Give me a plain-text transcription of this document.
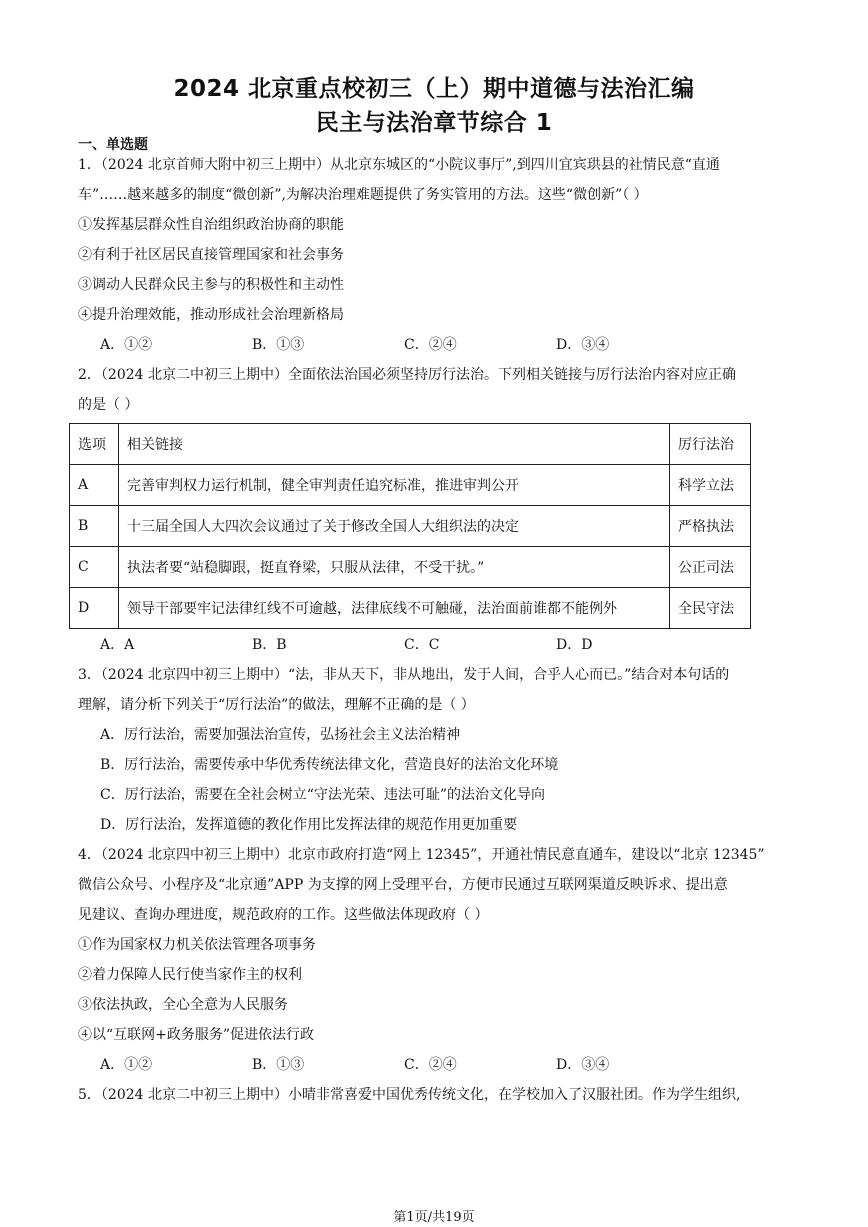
2024 北京重点校初三（上）期中道德与法治汇编
民主与法治章节综合 1
一、单选题
1．（2024 北京首师大附中初三上期中）从北京东城区的“小院议事厅”,到四川宜宾珙县的社情民意“直通
车”……越来越多的制度“微创新”,为解决治理难题提供了务实管用的方法。这些“微创新”（ ）
①发挥基层群众性自治组织政治协商的职能
②有利于社区居民直接管理国家和社会事务
③调动人民群众民主参与的积极性和主动性
④提升治理效能，推动形成社会治理新格局
A．①②	B．①③	C．②④	D．③④
2．（2024 北京二中初三上期中）全面依法治国必须坚持厉行法治。下列相关链接与厉行法治内容对应正确
的是（ ）
选项	相关链接	厉行法治
A	完善审判权力运行机制，健全审判责任追究标准，推进审判公开	科学立法
B	十三届全国人大四次会议通过了关于修改全国人大组织法的决定	严格执法
C	执法者要“站稳脚跟，挺直脊梁，只服从法律，不受干扰。”	公正司法
D	领导干部要牢记法律红线不可逾越，法律底线不可触碰，法治面前谁都不能例外	全民守法
A．A	B．B	C．C	D．D
3．（2024 北京四中初三上期中）“法，非从天下，非从地出，发于人间，合乎人心而已。”结合对本句话的
理解，请分析下列关于“厉行法治”的做法，理解不正确的是（ ）
A．厉行法治，需要加强法治宣传，弘扬社会主义法治精神
B．厉行法治，需要传承中华优秀传统法律文化，营造良好的法治文化环境
C．厉行法治，需要在全社会树立“守法光荣、违法可耻”的法治文化导向
D．厉行法治，发挥道德的教化作用比发挥法律的规范作用更加重要
4．（2024 北京四中初三上期中）北京市政府打造“网上 12345”，开通社情民意直通车，建设以“北京 12345”
微信公众号、小程序及“北京通”APP 为支撑的网上受理平台，方便市民通过互联网渠道反映诉求、提出意
见建议、查询办理进度，规范政府的工作。这些做法体现政府（ ）
①作为国家权力机关依法管理各项事务
②着力保障人民行使当家作主的权利
③依法执政，全心全意为人民服务
④以“互联网+政务服务”促进依法行政
A．①②	B．①③	C．②④	D．③④
5．（2024 北京二中初三上期中）小晴非常喜爱中国优秀传统文化，在学校加入了汉服社团。作为学生组织,
第1页/共19页
